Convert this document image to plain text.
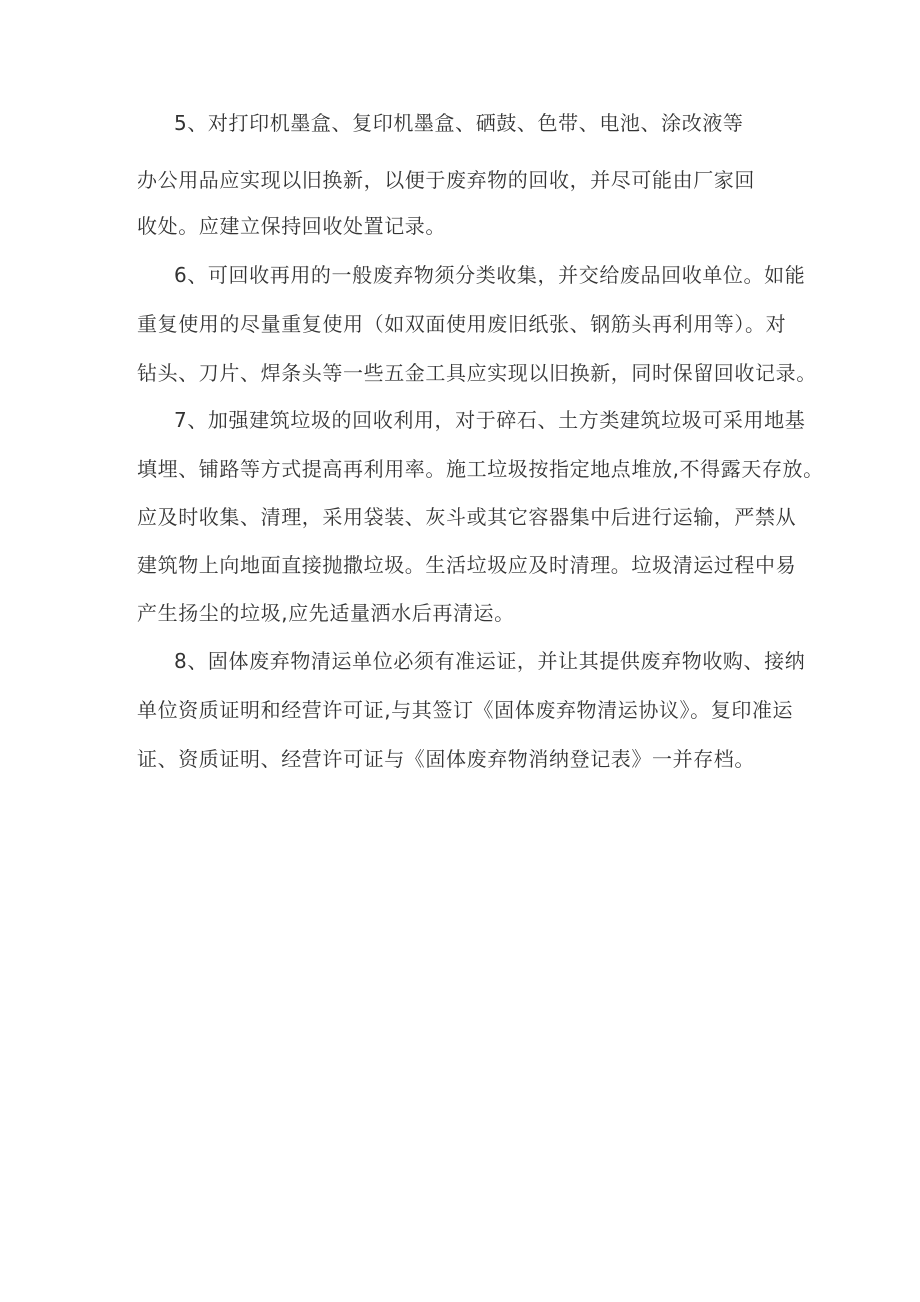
5、对打印机墨盒、复印机墨盒、硒鼓、色带、电池、涂改液等
办公用品应实现以旧换新，以便于废弃物的回收，并尽可能由厂家回
收处。应建立保持回收处置记录。
6、可回收再用的一般废弃物须分类收集，并交给废品回收单位。如能
重复使用的尽量重复使用（如双面使用废旧纸张、钢筋头再利用等）。对
钻头、刀片、焊条头等一些五金工具应实现以旧换新，同时保留回收记录。
7、加强建筑垃圾的回收利用，对于碎石、土方类建筑垃圾可采用地基
填埋、铺路等方式提高再利用率。施工垃圾按指定地点堆放,不得露天存放。
应及时收集、清理，采用袋装、灰斗或其它容器集中后进行运输，严禁从
建筑物上向地面直接抛撒垃圾。生活垃圾应及时清理。垃圾清运过程中易
产生扬尘的垃圾,应先适量洒水后再清运。
8、固体废弃物清运单位必须有准运证，并让其提供废弃物收购、接纳
单位资质证明和经营许可证,与其签订《固体废弃物清运协议》。复印准运
证、资质证明、经营许可证与《固体废弃物消纳登记表》一并存档。
